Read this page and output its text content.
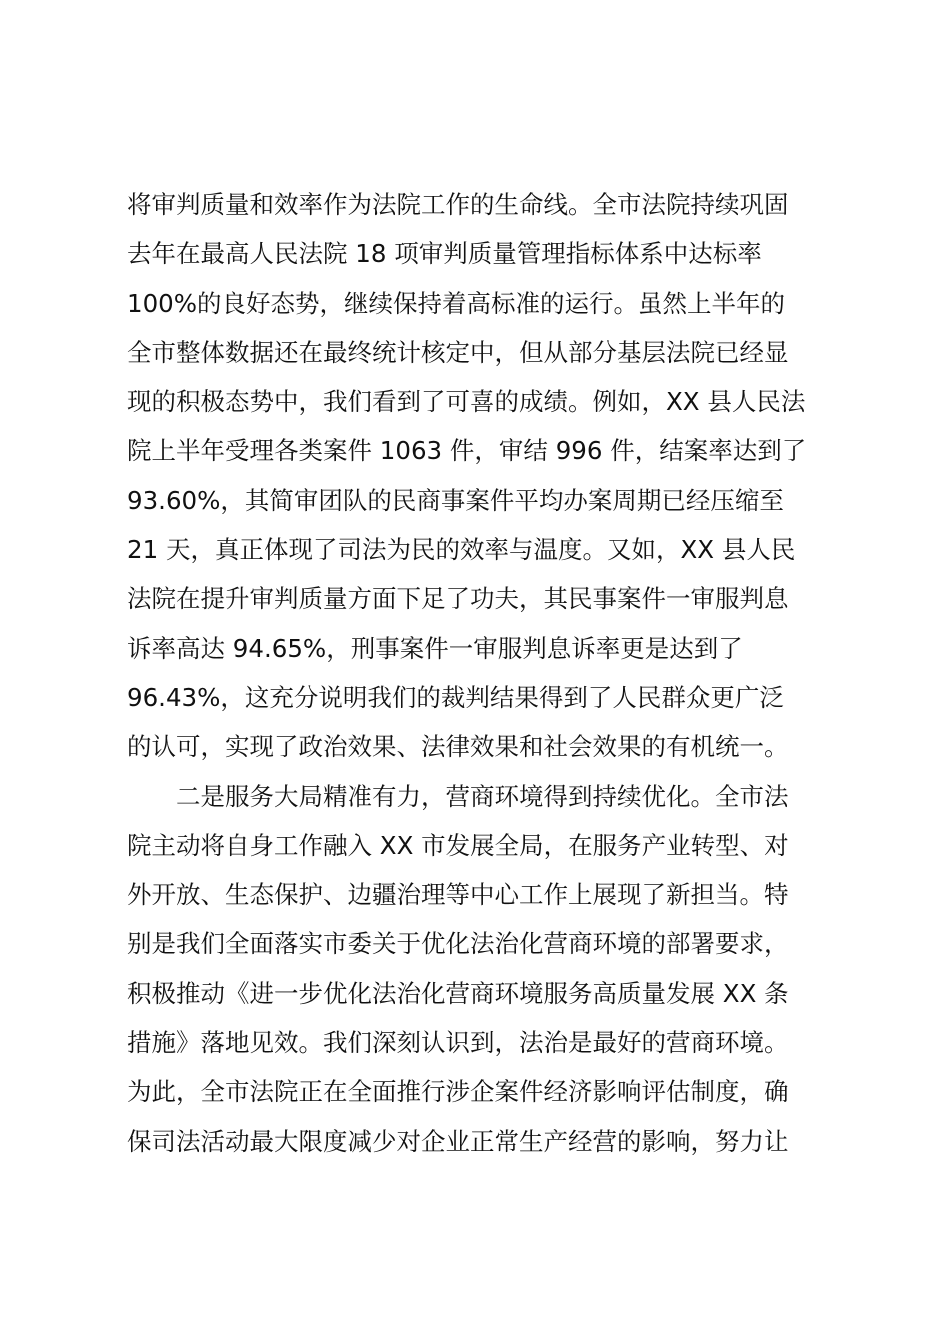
将审判质量和效率作为法院工作的生命线。全市法院持续巩固
去年在最高人民法院 18 项审判质量管理指标体系中达标率
100%的良好态势，继续保持着高标准的运行。虽然上半年的
全市整体数据还在最终统计核定中，但从部分基层法院已经显
现的积极态势中，我们看到了可喜的成绩。例如，XX 县人民法
院上半年受理各类案件 1063 件，审结 996 件，结案率达到了
93.60%，其简审团队的民商事案件平均办案周期已经压缩至
21 天，真正体现了司法为民的效率与温度。又如，XX 县人民
法院在提升审判质量方面下足了功夫，其民事案件一审服判息
诉率高达 94.65%，刑事案件一审服判息诉率更是达到了
96.43%，这充分说明我们的裁判结果得到了人民群众更广泛
的认可，实现了政治效果、法律效果和社会效果的有机统一。
二是服务大局精准有力，营商环境得到持续优化。全市法
院主动将自身工作融入 XX 市发展全局，在服务产业转型、对
外开放、生态保护、边疆治理等中心工作上展现了新担当。特
别是我们全面落实市委关于优化法治化营商环境的部署要求，
积极推动《进一步优化法治化营商环境服务高质量发展 XX 条
措施》落地见效。我们深刻认识到，法治是最好的营商环境。
为此，全市法院正在全面推行涉企案件经济影响评估制度，确
保司法活动最大限度减少对企业正常生产经营的影响，努力让
